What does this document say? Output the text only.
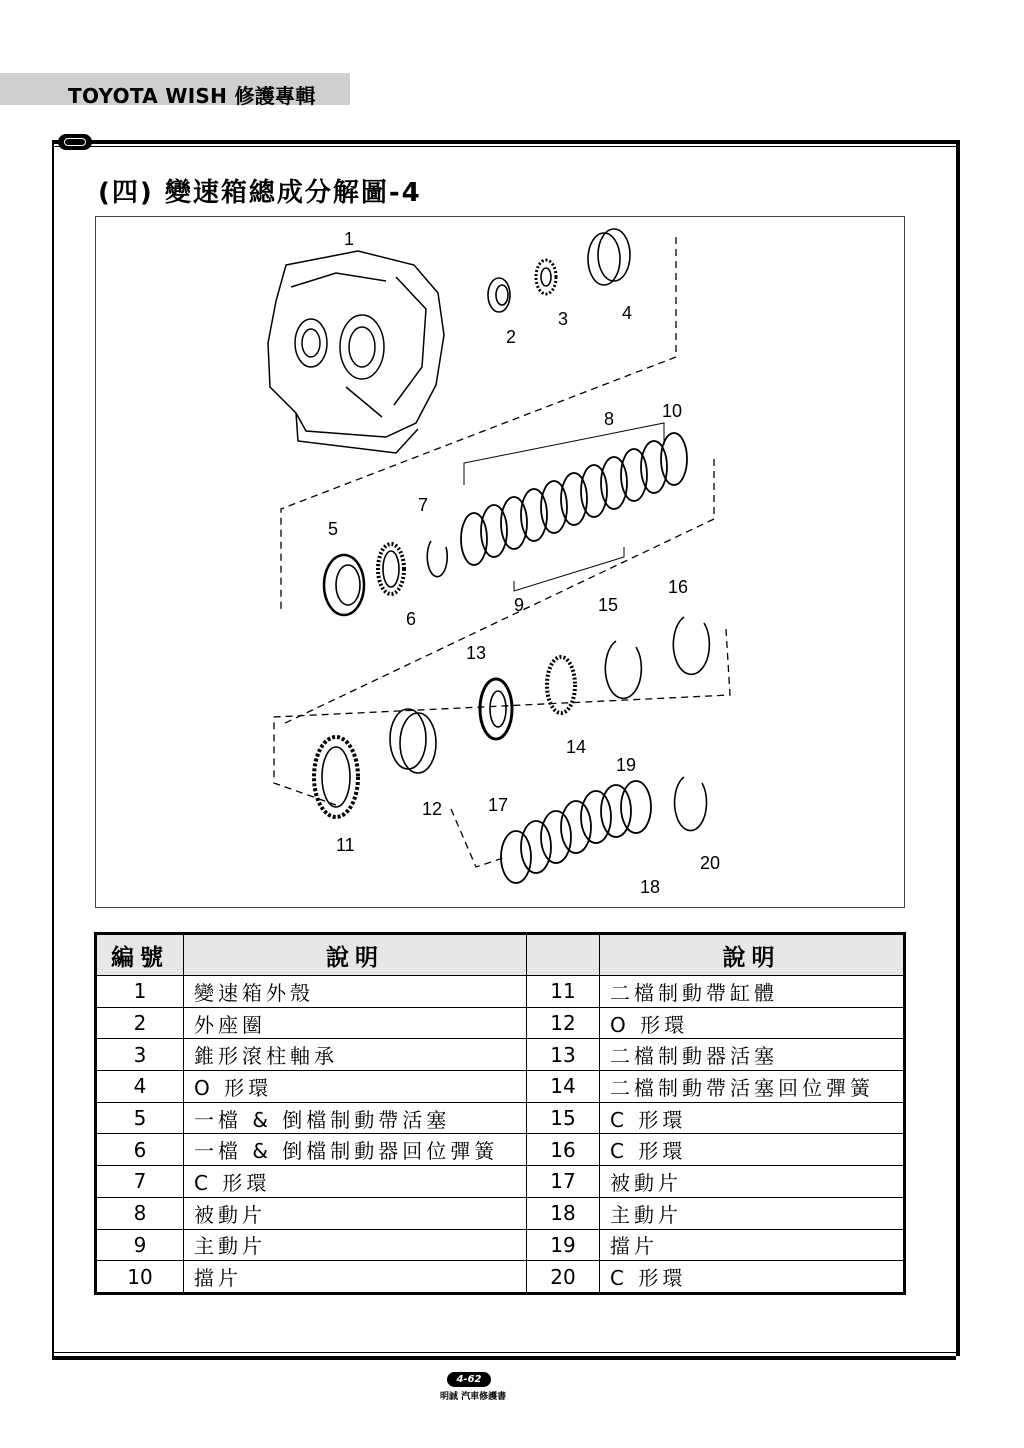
TOYOTA WISH 修護專輯
(四) 變速箱總成分解圖-4
1
2
3	4
5
6
7
8
9
10
11
12
13
14
15
16
17
18
19
20
編號	說明		說明
1	變速箱外殼	11	二檔制動帶缸體
2	外座圈	12	O 形環
3	錐形滾柱軸承	13	二檔制動器活塞
4	O 形環	14	二檔制動帶活塞回位彈簧
5	一檔 & 倒檔制動帶活塞	15	C 形環
6	一檔 & 倒檔制動器回位彈簧	16	C 形環
7	C 形環	17	被動片
8	被動片	18	主動片
9	主動片	19	擋片
10	擋片	20	C 形環
4-62
明誠 汽車修護書
